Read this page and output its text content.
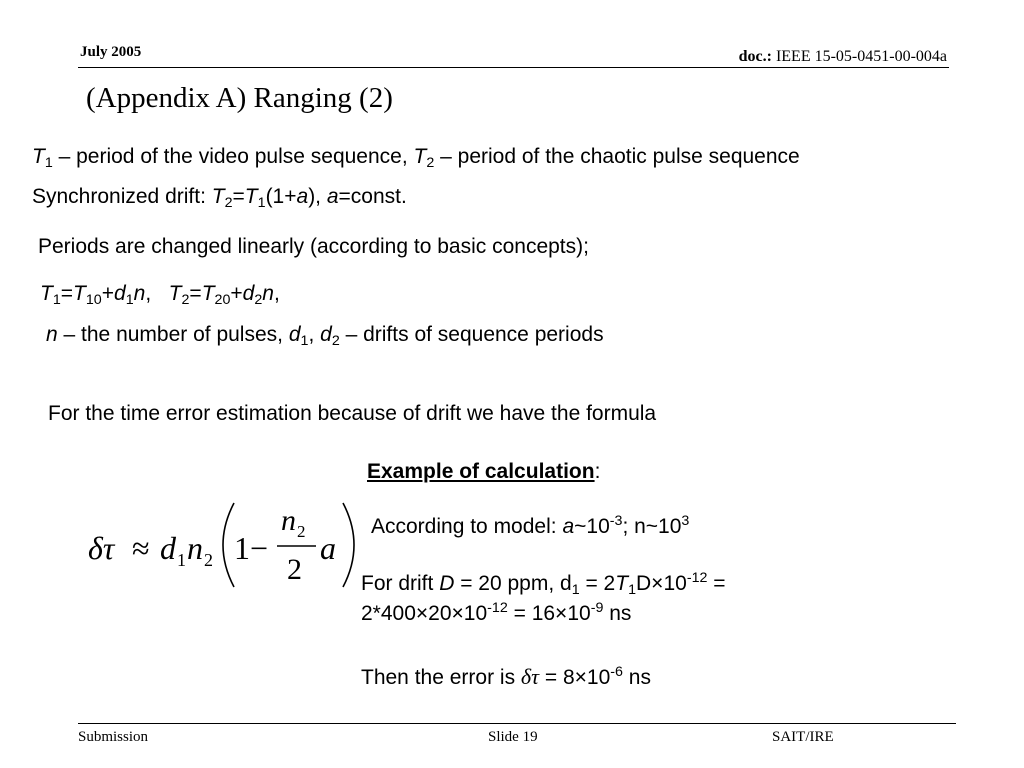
July 2005	doc.: IEEE 15-05-0451-00-004a
(Appendix A) Ranging (2)
$T_1$ – period of the video pulse sequence, $T_2$ – period of the chaotic pulse sequence
Synchronized drift: $T_2=T_1(1+a)$, a=const.
Periods are changed linearly (according to basic concepts);
$T_1=T_{10}+d_1n$,   $T_2=T_{20}+d_2n$,
n – the number of pulses, $d_1$, $d_2$ – drifts of sequence periods
For the time error estimation because of drift we have the formula
Example of calculation:
δτ ≈ d 1 n 2 1−
n 2
2
a
According to model: $a\sim 10^{-3}$; $n\sim 10^3$
For drift D = 20 ppm, $d_1 = 2T_1D\times 10^{-12}$ =
$2*400\times 20\times 10^{-12} = 16\times 10^{-9}$ ns
Then the error is $\delta\tau = 8\times 10^{-6}$ ns
Submission	Slide 19	SAIT/IRE
